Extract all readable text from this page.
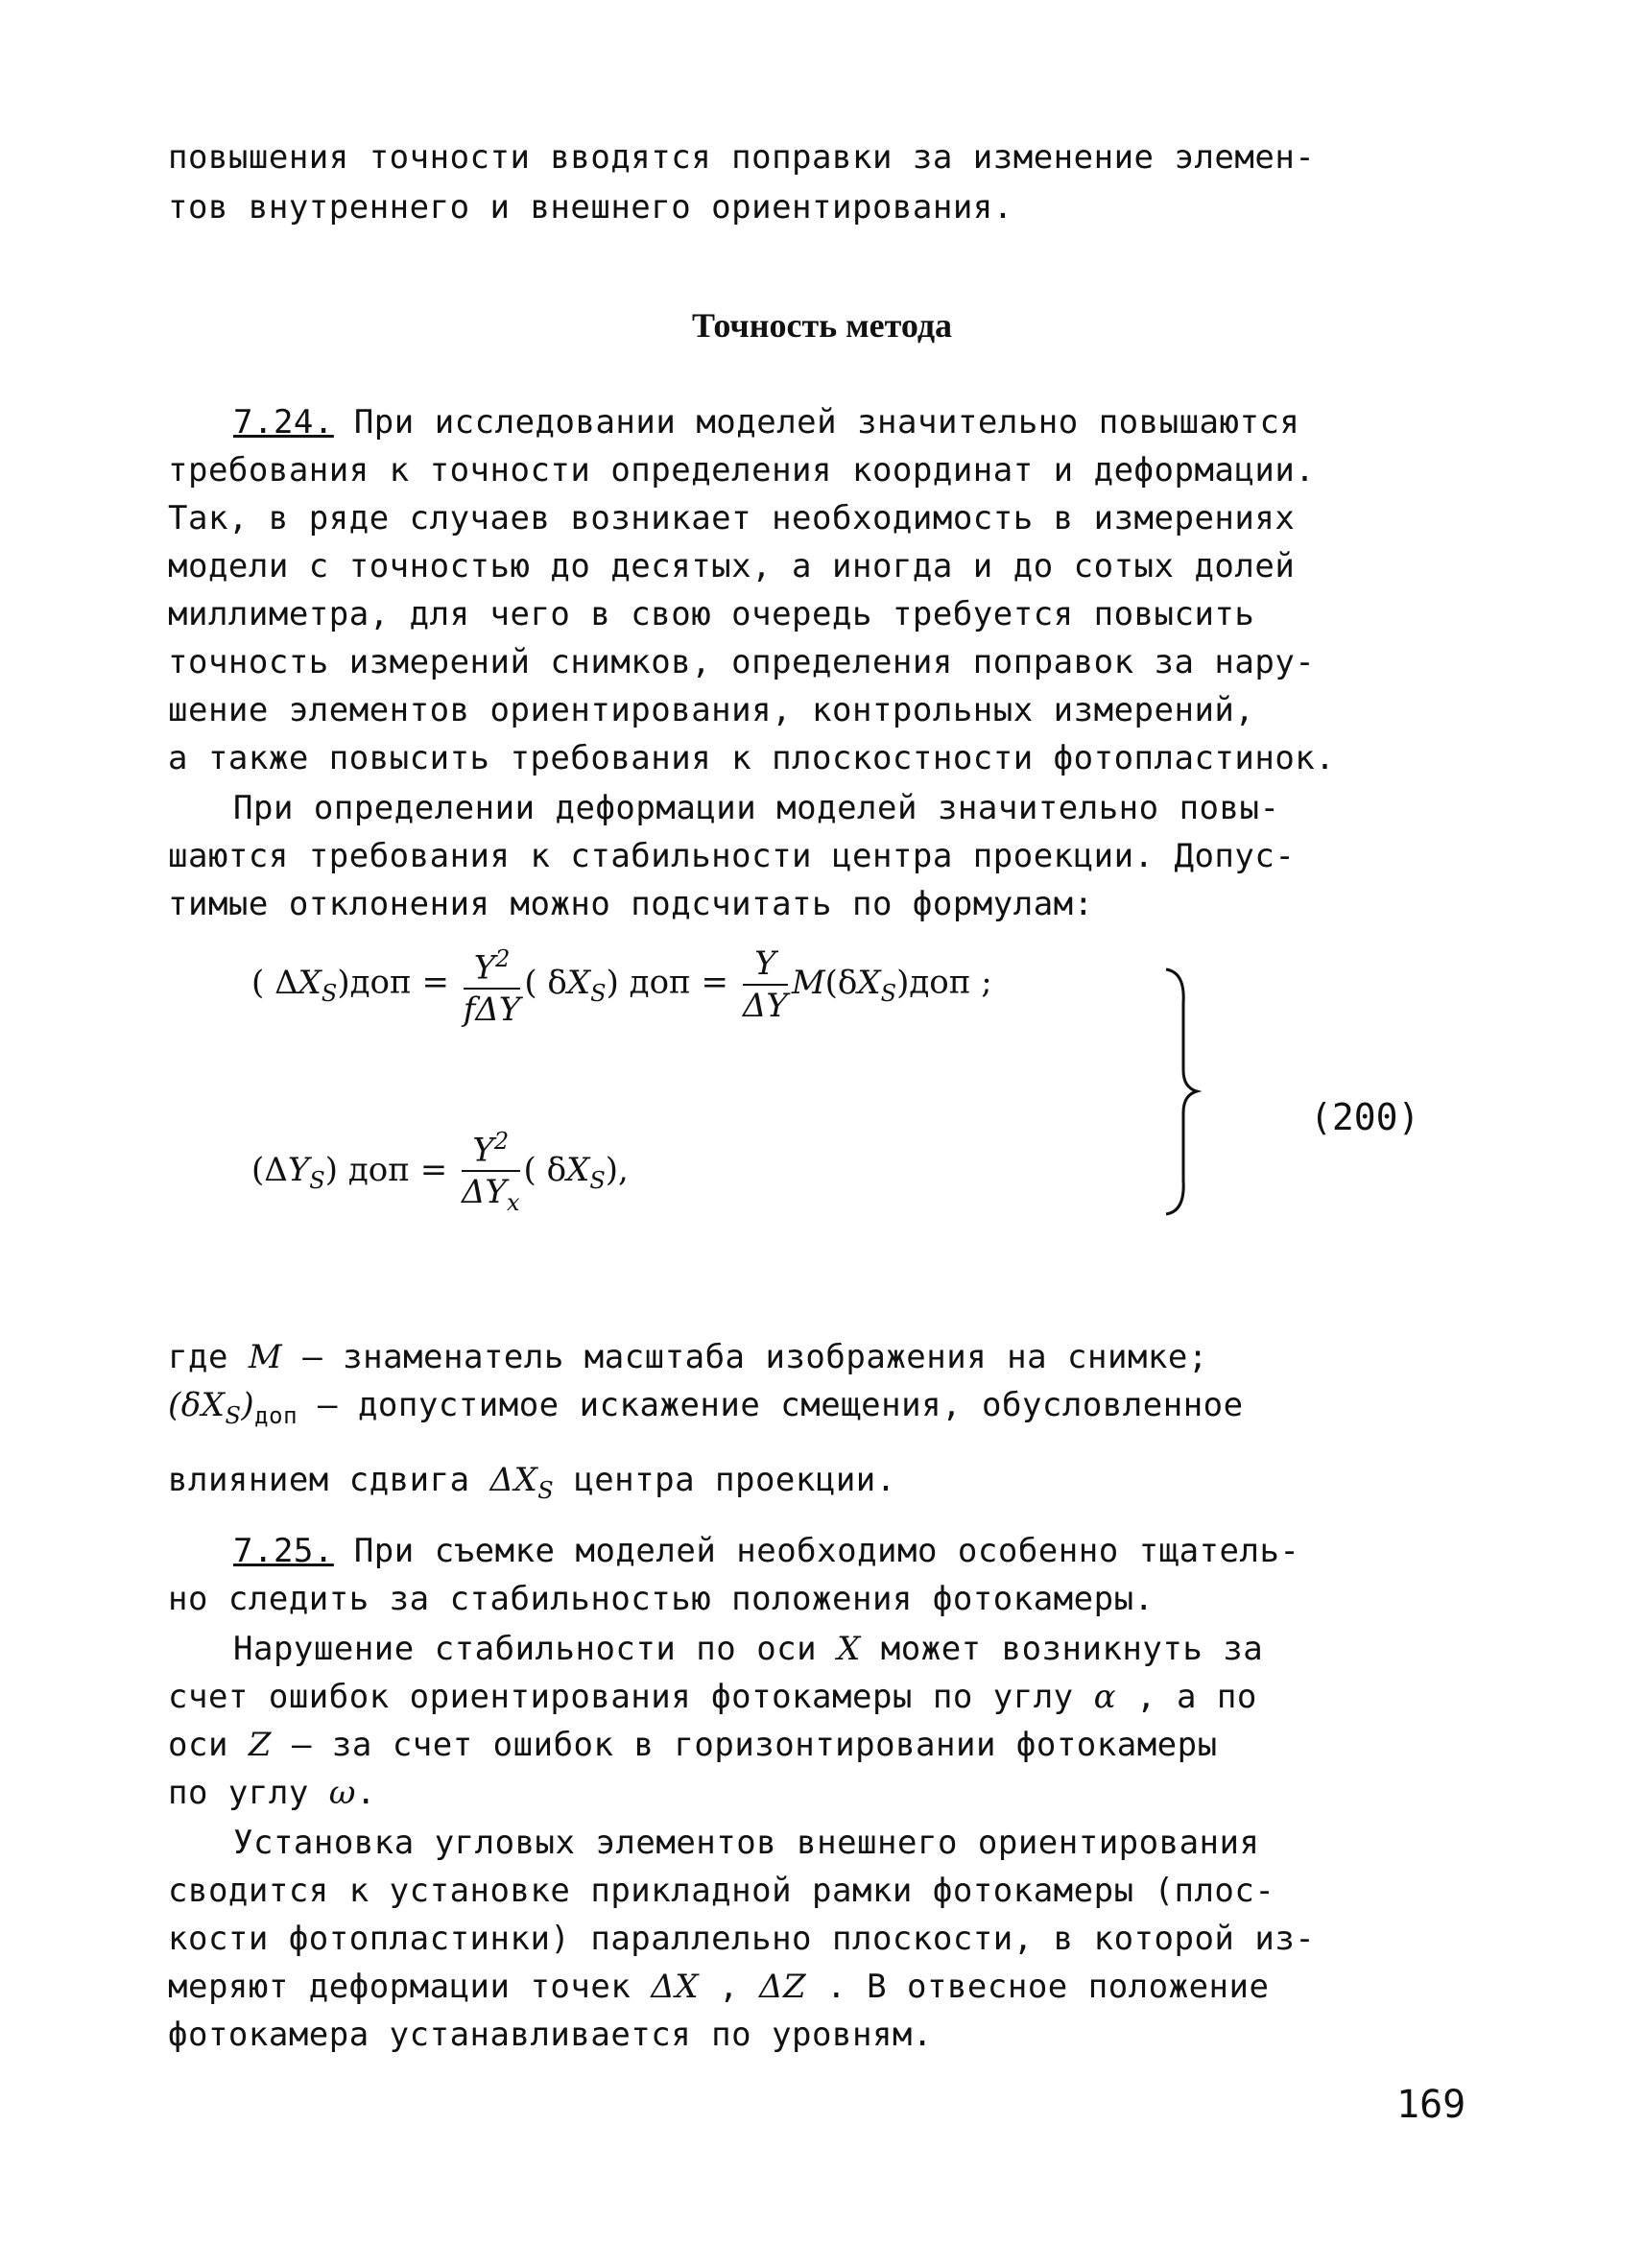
повышения точности вводятся поправки за изменение элемен-
тов внутреннего и внешнего ориентирования.
Точность метода
7.24. При исследовании моделей значительно повышаются
требования к точности определения координат и деформации.
Так, в ряде случаев возникает необходимость в измерениях
модели с точностью до десятых, а иногда и до сотых долей
миллиметра, для чего в свою очередь требуется повысить
точность измерений снимков, определения поправок за нару-
шение элементов ориентирования, контрольных измерений,
а также повысить требования к плоскостности фотопластинок.
При определении деформации моделей значительно повы-
шаются требования к стабильности центра проекции. Допус-
тимые отклонения можно подсчитать по формулам:
( $\Delta X_S)доп = \frac{Y^2}{\text{fΔY}}$ ( $\delta X_S$) доп = $\frac{Y}{\Delta Y} M(\delta X_S)доп$ ;
$(\Delta Y_S)$ доп = $\frac{Y^2}{\Delta Y_x}$ ( $\delta X_S$),
(200)
где M – знаменатель масштаба изображения на снимке;
$(\delta X_S)_{доп}$ – допустимое искажение смещения, обусловленное
влиянием сдвига $\Delta X_S$ центра проекции.
7.25. При съемке моделей необходимо особенно тщатель-
но следить за стабильностью положения фотокамеры.
Нарушение стабильности по оси X может возникнуть за
счет ошибок ориентирования фотокамеры по углу α , а по
оси Z – за счет ошибок в горизонтировании фотокамеры
по углу ω.
Установка угловых элементов внешнего ориентирования
сводится к установке прикладной рамки фотокамеры (плос-
кости фотопластинки) параллельно плоскости, в которой из-
меряют деформации точек ΔX , ΔZ . В отвесное положение
фотокамера устанавливается по уровням.
169
